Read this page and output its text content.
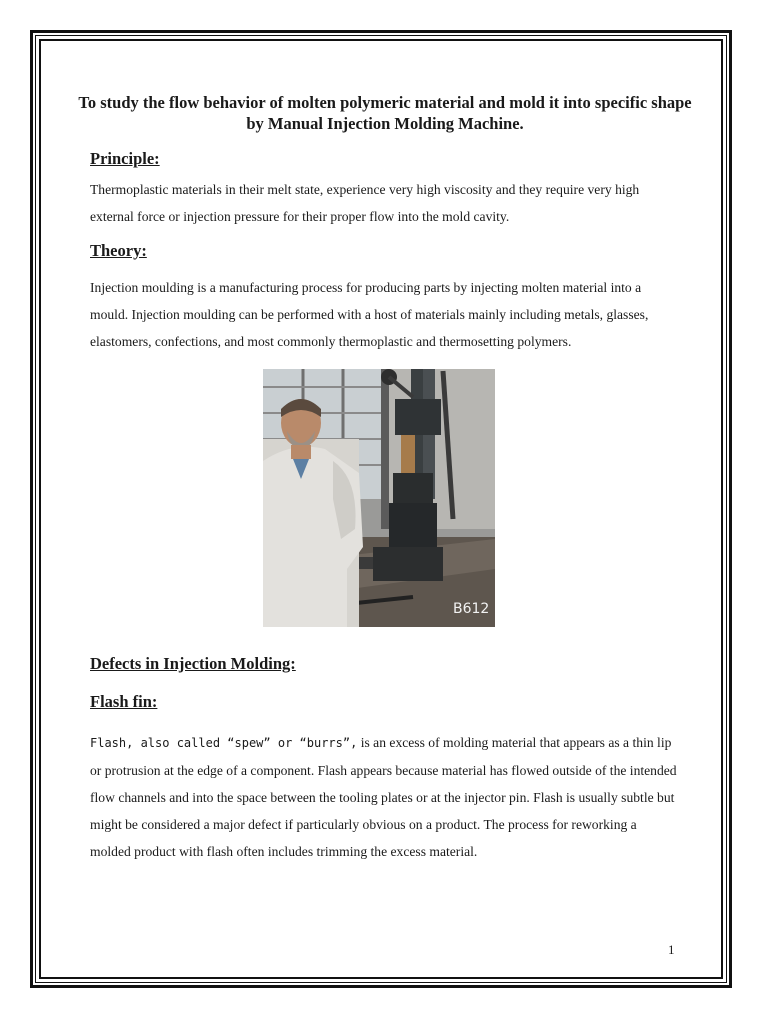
To study the flow behavior of molten polymeric material and mold it into specific shape by Manual Injection Molding Machine.

Principle:

Thermoplastic materials in their melt state, experience very high viscosity and they require very high external force or injection pressure for their proper flow into the mold cavity.

Theory:

Injection moulding is a manufacturing process for producing parts by injecting molten material into a mould. Injection moulding can be performed with a host of materials mainly including metals, glasses, elastomers, confections, and most commonly thermoplastic and thermosetting polymers.

B612
Defects in Injection Molding:
Flash fin:

Flash, also called “spew” or “burrs”, is an excess of molding material that appears as a thin lip or protrusion at the edge of a component. Flash appears because material has flowed outside of the intended flow channels and into the space between the tooling plates or at the injector pin. Flash is usually subtle but might be considered a major defect if particularly obvious on a product. The process for reworking a molded product with flash often includes trimming the excess material.

1
